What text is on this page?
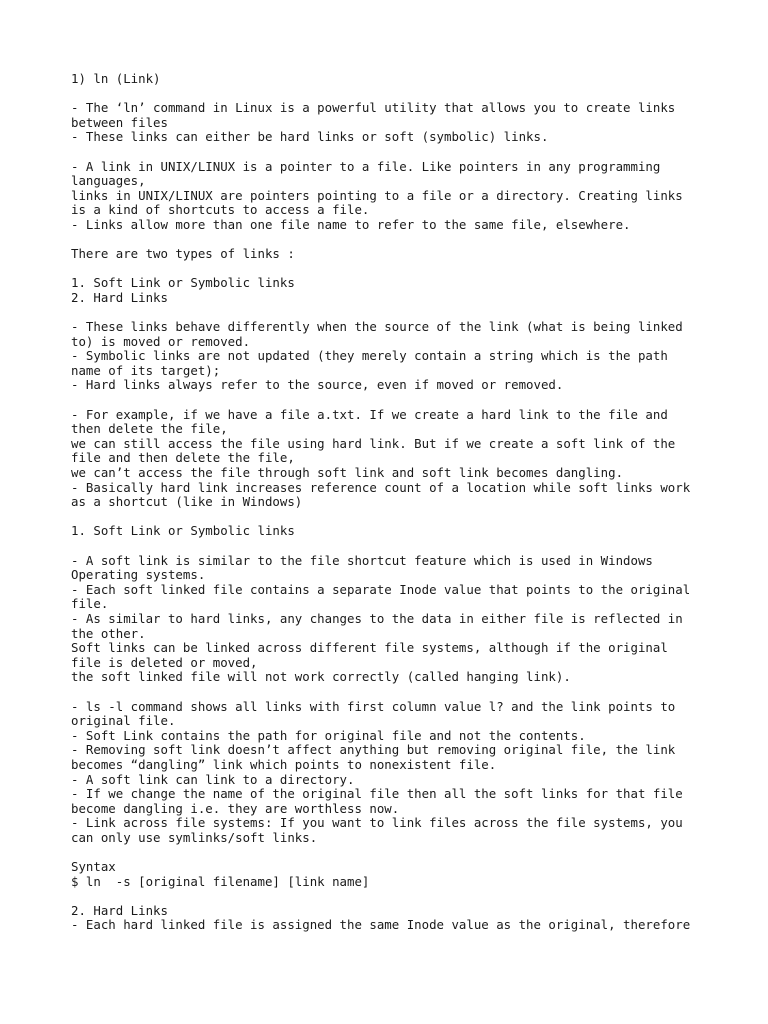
1) ln (Link)
- The ‘ln’ command in Linux is a powerful utility that allows you to create links
between files
- These links can either be hard links or soft (symbolic) links.
- A link in UNIX/LINUX is a pointer to a file. Like pointers in any programming
languages,
links in UNIX/LINUX are pointers pointing to a file or a directory. Creating links
is a kind of shortcuts to access a file.
- Links allow more than one file name to refer to the same file, elsewhere.
There are two types of links :
1. Soft Link or Symbolic links
2. Hard Links
- These links behave differently when the source of the link (what is being linked
to) is moved or removed.
- Symbolic links are not updated (they merely contain a string which is the path
name of its target);
- Hard links always refer to the source, even if moved or removed.
- For example, if we have a file a.txt. If we create a hard link to the file and
then delete the file,
we can still access the file using hard link. But if we create a soft link of the
file and then delete the file,
we can’t access the file through soft link and soft link becomes dangling.
- Basically hard link increases reference count of a location while soft links work
as a shortcut (like in Windows)
1. Soft Link or Symbolic links
- A soft link is similar to the file shortcut feature which is used in Windows
Operating systems.
- Each soft linked file contains a separate Inode value that points to the original
file.
- As similar to hard links, any changes to the data in either file is reflected in
the other.
Soft links can be linked across different file systems, although if the original
file is deleted or moved,
the soft linked file will not work correctly (called hanging link).
- ls -l command shows all links with first column value l? and the link points to
original file.
- Soft Link contains the path for original file and not the contents.
- Removing soft link doesn’t affect anything but removing original file, the link
becomes “dangling” link which points to nonexistent file.
- A soft link can link to a directory.
- If we change the name of the original file then all the soft links for that file
become dangling i.e. they are worthless now.
- Link across file systems: If you want to link files across the file systems, you
can only use symlinks/soft links.
Syntax
$ ln  -s [original filename] [link name]
2. Hard Links
- Each hard linked file is assigned the same Inode value as the original, therefore
